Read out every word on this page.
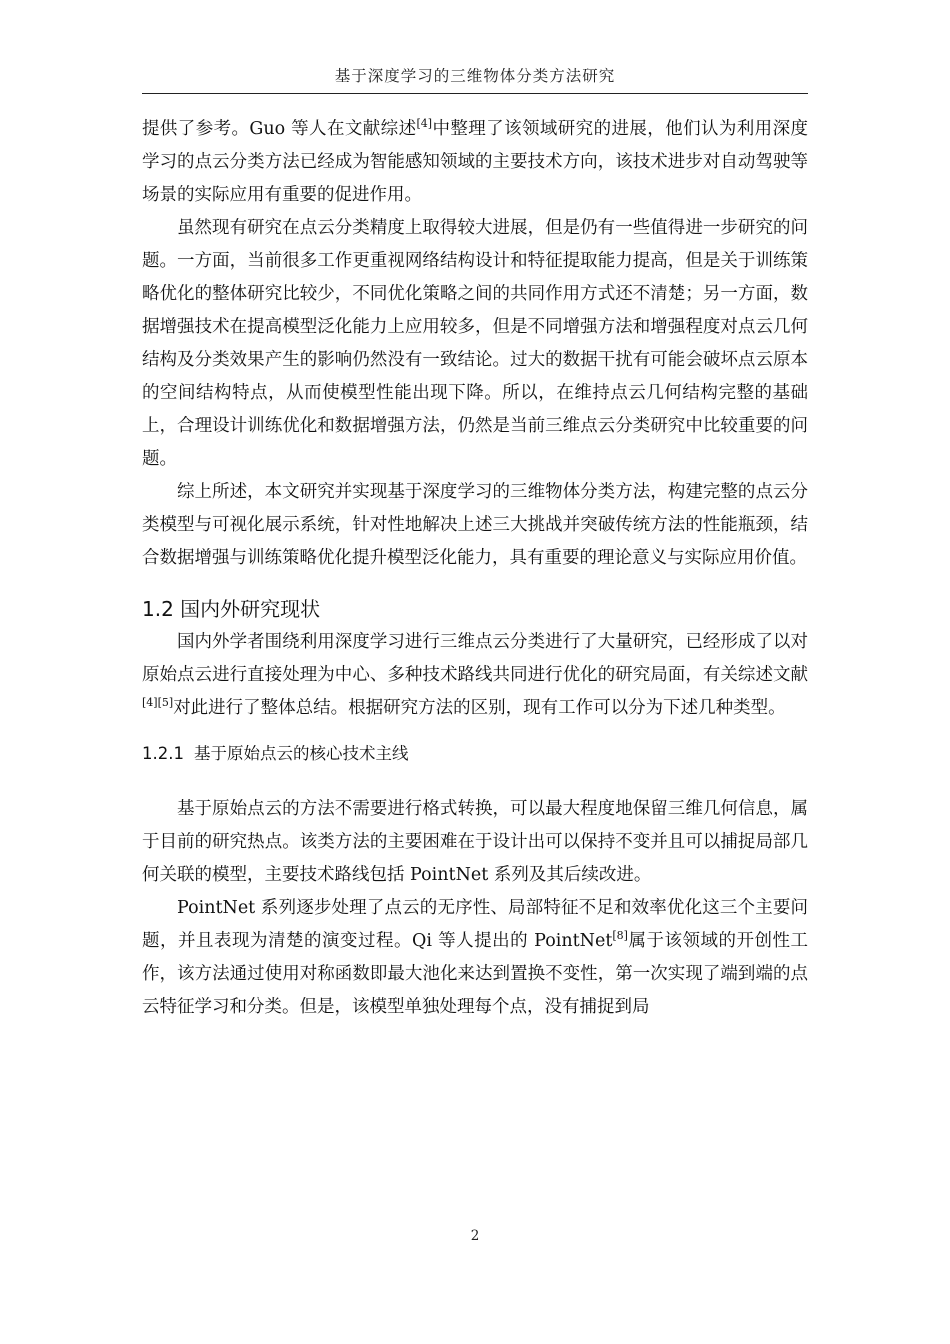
基于深度学习的三维物体分类方法研究

提供了参考。Guo 等人在文献综述[4]中整理了该领域研究的进展，他们认为利用深度学习的点云分类方法已经成为智能感知领域的主要技术方向，该技术进步对自动驾驶等场景的实际应用有重要的促进作用。

虽然现有研究在点云分类精度上取得较大进展，但是仍有一些值得进一步研究的问题。一方面，当前很多工作更重视网络结构设计和特征提取能力提高，但是关于训练策略优化的整体研究比较少，不同优化策略之间的共同作用方式还不清楚；另一方面，数据增强技术在提高模型泛化能力上应用较多，但是不同增强方法和增强程度对点云几何结构及分类效果产生的影响仍然没有一致结论。过大的数据干扰有可能会破坏点云原本的空间结构特点，从而使模型性能出现下降。所以，在维持点云几何结构完整的基础上，合理设计训练优化和数据增强方法，仍然是当前三维点云分类研究中比较重要的问题。

综上所述，本文研究并实现基于深度学习的三维物体分类方法，构建完整的点云分类模型与可视化展示系统，针对性地解决上述三大挑战并突破传统方法的性能瓶颈，结合数据增强与训练策略优化提升模型泛化能力，具有重要的理论意义与实际应用价值。

1.2 国内外研究现状

国内外学者围绕利用深度学习进行三维点云分类进行了大量研究，已经形成了以对原始点云进行直接处理为中心、多种技术路线共同进行优化的研究局面，有关综述文献[4][5]对此进行了整体总结。根据研究方法的区别，现有工作可以分为下述几种类型。

1.2.1 基于原始点云的核心技术主线

基于原始点云的方法不需要进行格式转换，可以最大程度地保留三维几何信息，属于目前的研究热点。该类方法的主要困难在于设计出可以保持不变并且可以捕捉局部几何关联的模型，主要技术路线包括 PointNet 系列及其后续改进。

PointNet 系列逐步处理了点云的无序性、局部特征不足和效率优化这三个主要问题，并且表现为清楚的演变过程。Qi 等人提出的 PointNet[8]属于该领域的开创性工作，该方法通过使用对称函数即最大池化来达到置换不变性，第一次实现了端到端的点云特征学习和分类。但是，该模型单独处理每个点，没有捕捉到局

2
